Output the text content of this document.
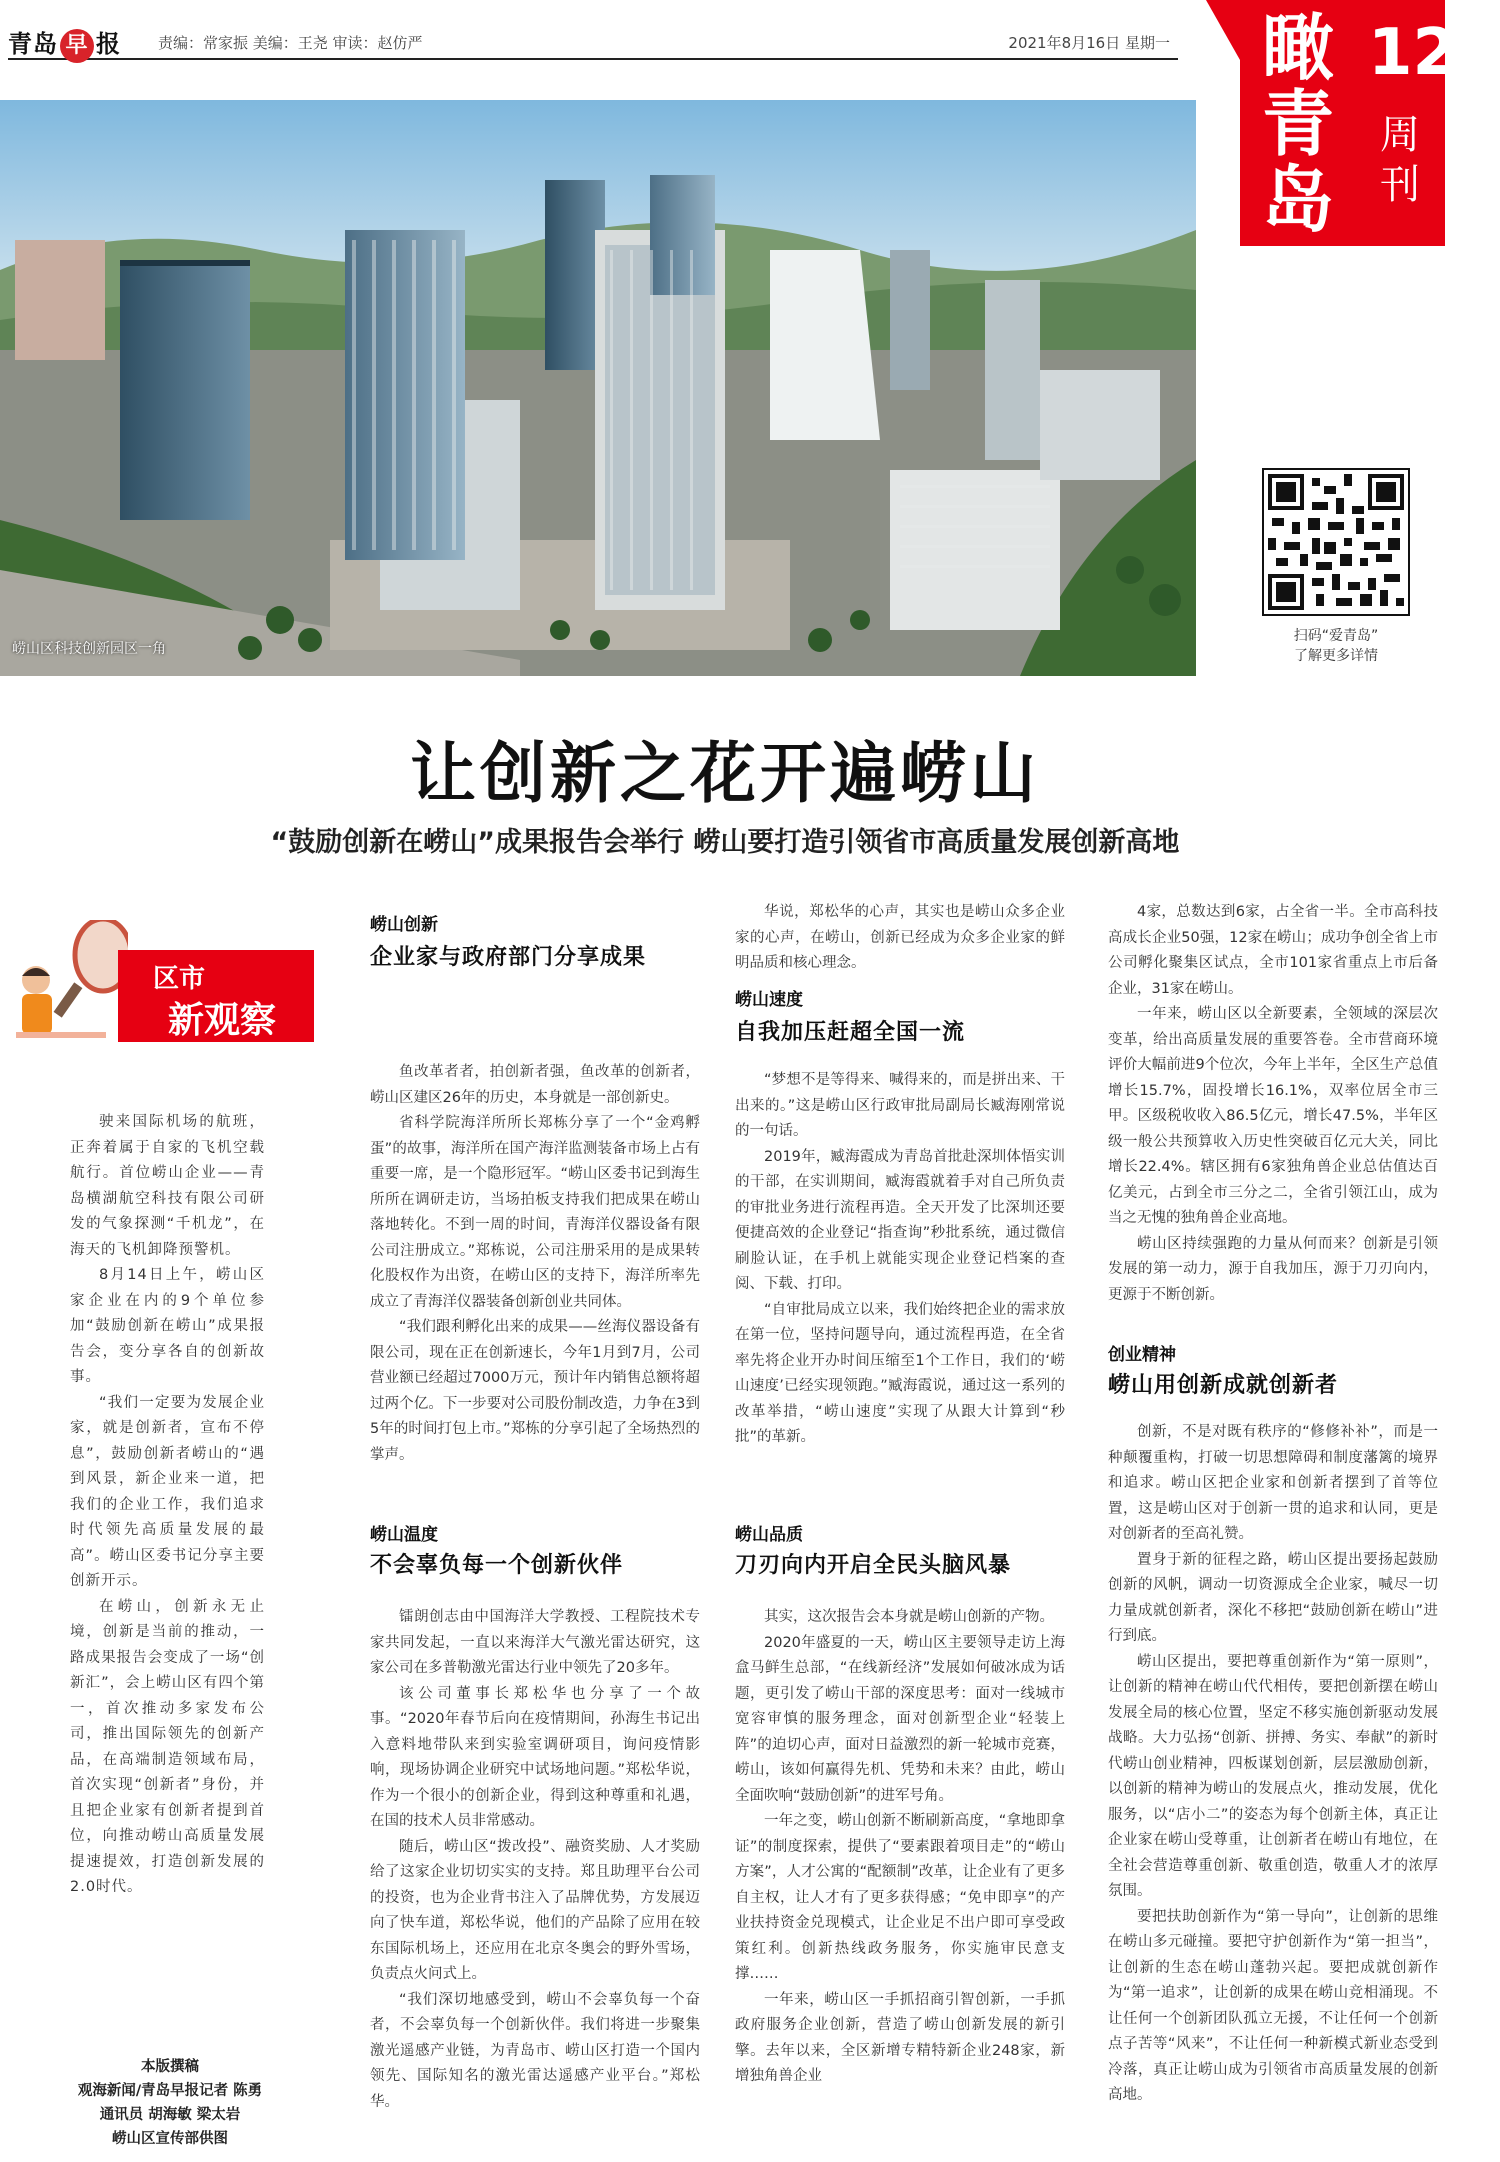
青岛 早 报 责编：常家振 美编：王尧 审读：赵仿严	2021年8月16日 星期一 瞰青岛
12
周刊
崂山区科技创新园区一角
扫码“爱青岛”
了解更多详情
让创新之花开遍崂山
“鼓励创新在崂山”成果报告会举行 崂山要打造引领省市高质量发展创新高地
区市
新观察

驶来国际机场的航班，正奔着属于自家的飞机空载航行。首位崂山企业——青岛横湖航空科技有限公司研发的气象探测“千机龙”，在海天的飞机卸降预警机。

8月14日上午，崂山区家企业在内的9个单位参加“鼓励创新在崂山”成果报告会，变分享各自的创新故事。

“我们一定要为发展企业家，就是创新者，宣布不停息”，鼓励创新者崂山的“遇到风景，新企业来一道，把我们的企业工作，我们追求时代领先高质量发展的最高”。崂山区委书记分享主要创新开示。

在崂山，创新永无止境，创新是当前的推动，一路成果报告会变成了一场“创新汇”，会上崂山区有四个第一，首次推动多家发布公司，推出国际领先的创新产品，在高端制造领域布局，首次实现“创新者”身份，并且把企业家有创新者提到首位，向推动崂山高质量发展提速提效，打造创新发展的2.0时代。

崂山创新
企业家与政府部门分享成果

鱼改革者者，拍创新者强，鱼改革的创新者，崂山区建区26年的历史，本身就是一部创新史。

省科学院海洋所所长郑栋分享了一个“金鸡孵蛋”的故事，海洋所在国产海洋监测装备市场上占有重要一席，是一个隐形冠军。“崂山区委书记到海生所所在调研走访，当场拍板支持我们把成果在崂山落地转化。不到一周的时间，青海洋仪器设备有限公司注册成立。”郑栋说，公司注册采用的是成果转化股权作为出资，在崂山区的支持下，海洋所率先成立了青海洋仪器装备创新创业共同体。

“我们跟利孵化出来的成果——丝海仪器设备有限公司，现在正在创新速长，今年1月到7月，公司营业额已经超过7000万元，预计年内销售总额将超过两个亿。下一步要对公司股份制改造，力争在3到5年的时间打包上市。”郑栋的分享引起了全场热烈的掌声。

崂山温度
不会辜负每一个创新伙伴

镭朗创志由中国海洋大学教授、工程院技术专家共同发起，一直以来海洋大气激光雷达研究，这家公司在多普勒激光雷达行业中领先了20多年。

该公司董事长郑松华也分享了一个故事。“2020年春节后向在疫情期间，孙海生书记出入意料地带队来到实验室调研项目，询问疫情影响，现场协调企业研究中试场地问题。”郑松华说，作为一个很小的创新企业，得到这种尊重和礼遇，在国的技术人员非常感动。

随后，崂山区“拨改投”、融资奖励、人才奖励给了这家企业切切实实的支持。郑且助理平台公司的投资，也为企业背书注入了品牌优势，方发展迈向了快车道，郑松华说，他们的产品除了应用在较东国际机场上，还应用在北京冬奥会的野外雪场，负责点火问式上。

“我们深切地感受到，崂山不会辜负每一个奋者，不会辜负每一个创新伙伴。我们将进一步聚集激光遥感产业链，为青岛市、崂山区打造一个国内领先、国际知名的激光雷达遥感产业平台。”郑松华。

华说，郑松华的心声，其实也是崂山众多企业家的心声，在崂山，创新已经成为众多企业家的鲜明品质和核心理念。

崂山速度
自我加压赶超全国一流

“梦想不是等得来、喊得来的，而是拼出来、干出来的。”这是崂山区行政审批局副局长臧海刚常说的一句话。

2019年，臧海霞成为青岛首批赴深圳体悟实训的干部，在实训期间，臧海霞就着手对自己所负责的审批业务进行流程再造。全天开发了比深圳还要便捷高效的企业登记“指查询”秒批系统，通过微信刷脸认证，在手机上就能实现企业登记档案的查阅、下载、打印。

“自审批局成立以来，我们始终把企业的需求放在第一位，坚持问题导向，通过流程再造，在全省率先将企业开办时间压缩至1个工作日，我们的‘崂山速度’已经实现领跑。”臧海霞说，通过这一系列的改革举措，“崂山速度”实现了从跟大计算到“秒批”的革新。

崂山品质
刀刃向内开启全民头脑风暴

其实，这次报告会本身就是崂山创新的产物。

2020年盛夏的一天，崂山区主要领导走访上海盒马鲜生总部，“在线新经济”发展如何破冰成为话题，更引发了崂山干部的深度思考：面对一线城市宽容审慎的服务理念，面对创新型企业“轻装上阵”的迫切心声，面对日益激烈的新一轮城市竞赛，崂山，该如何赢得先机、凭势和未来？由此，崂山全面吹响“鼓励创新”的进军号角。

一年之变，崂山创新不断刷新高度，“拿地即拿证”的制度探索，提供了“要素跟着项目走”的“崂山方案”，人才公寓的“配额制”改革，让企业有了更多自主权，让人才有了更多获得感；“免申即享”的产业扶持资金兑现模式，让企业足不出户即可享受政策红利。创新热线政务服务，你实施审民意支撑……

一年来，崂山区一手抓招商引智创新，一手抓政府服务企业创新，营造了崂山创新发展的新引擎。去年以来，全区新增专精特新企业248家，新增独角兽企业

4家，总数达到6家，占全省一半。全市高科技高成长企业50强，12家在崂山；成功争创全省上市公司孵化聚集区试点，全市101家省重点上市后备企业，31家在崂山。

一年来，崂山区以全新要素，全领域的深层次变革，给出高质量发展的重要答卷。全市营商环境评价大幅前进9个位次，今年上半年，全区生产总值增长15.7%，固投增长16.1%，双率位居全市三甲。区级税收收入86.5亿元，增长47.5%，半年区级一般公共预算收入历史性突破百亿元大关，同比增长22.4%。辖区拥有6家独角兽企业总估值达百亿美元，占到全市三分之二，全省引领江山，成为当之无愧的独角兽企业高地。

崂山区持续强跑的力量从何而来？创新是引领发展的第一动力，源于自我加压，源于刀刃向内，更源于不断创新。

创业精神
崂山用创新成就创新者

创新，不是对既有秩序的“修修补补”，而是一种颠覆重构，打破一切思想障碍和制度藩篱的境界和追求。崂山区把企业家和创新者摆到了首等位置，这是崂山区对于创新一贯的追求和认同，更是对创新者的至高礼赞。

置身于新的征程之路，崂山区提出要扬起鼓励创新的风帆，调动一切资源成全企业家，喊尽一切力量成就创新者，深化不移把“鼓励创新在崂山”进行到底。

崂山区提出，要把尊重创新作为“第一原则”，让创新的精神在崂山代代相传，要把创新摆在崂山发展全局的核心位置，坚定不移实施创新驱动发展战略。大力弘扬“创新、拼搏、务实、奉献”的新时代崂山创业精神，四板谋划创新，层层激励创新，以创新的精神为崂山的发展点火，推动发展，优化服务，以“店小二”的姿态为每个创新主体，真正让企业家在崂山受尊重，让创新者在崂山有地位，在全社会营造尊重创新、敬重创造，敬重人才的浓厚氛围。

要把扶助创新作为“第一导向”，让创新的思维在崂山多元碰撞。要把守护创新作为“第一担当”，让创新的生态在崂山蓬勃兴起。要把成就创新作为“第一追求”，让创新的成果在崂山竞相涌现。不让任何一个创新团队孤立无援，不让任何一个创新点子苦等“风来”，不让任何一种新模式新业态受到冷落，真正让崂山成为引领省市高质量发展的创新高地。

本版撰稿
观海新闻/青岛早报记者 陈勇
通讯员 胡海敏 梁太岩
崂山区宣传部供图
